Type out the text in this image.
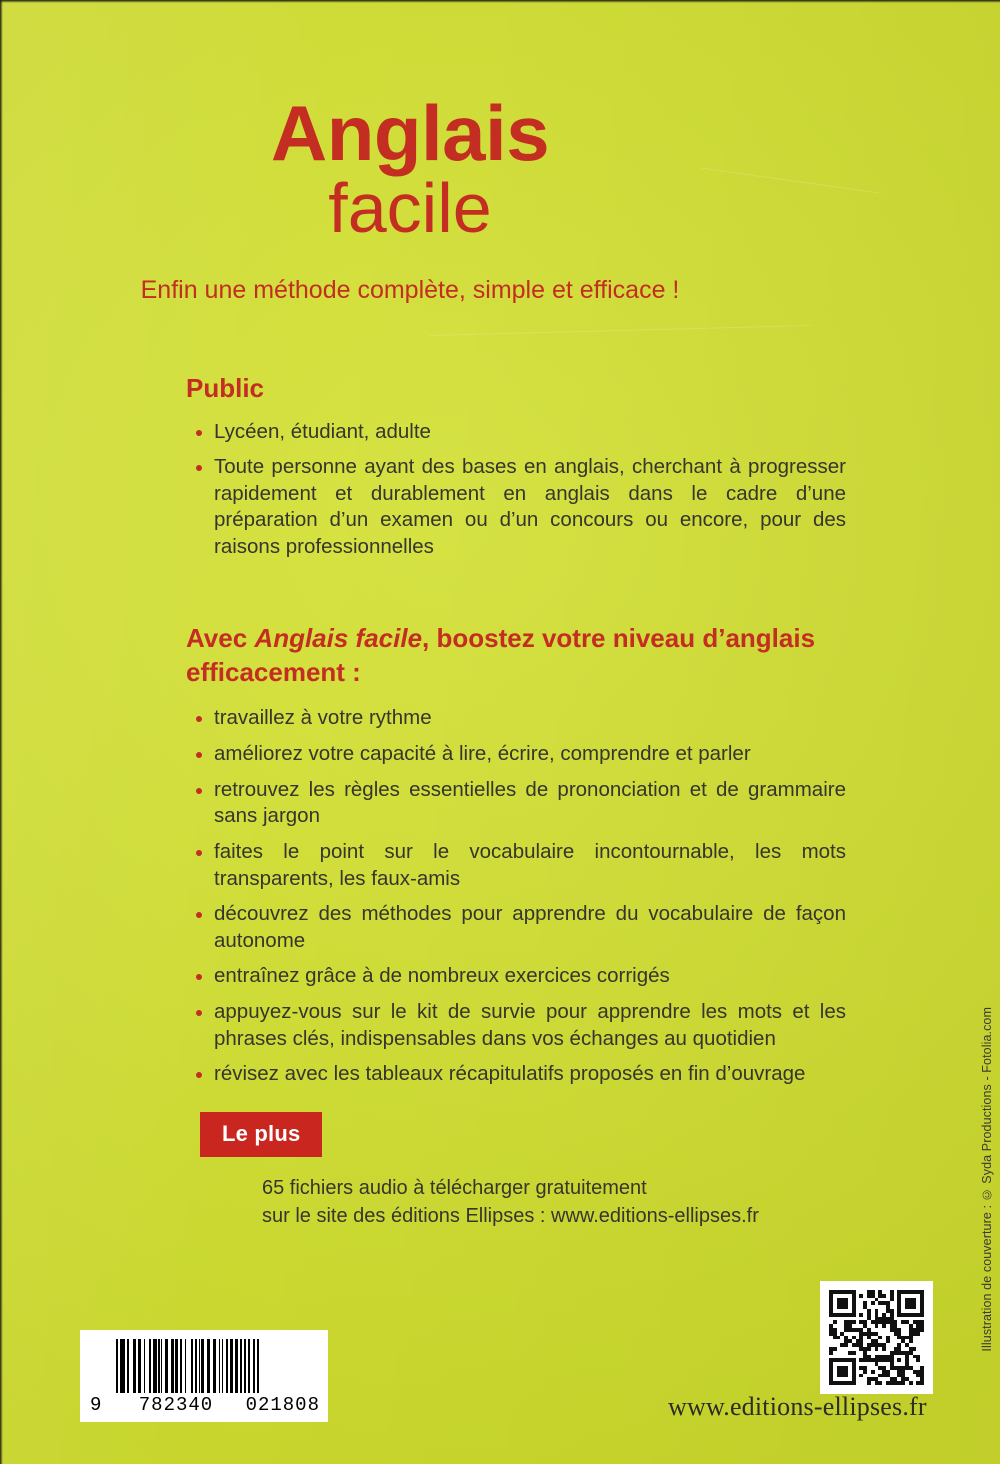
Anglais
facile
Enfin une méthode complète, simple et efficace !
Public
Lycéen, étudiant, adulte
Toute personne ayant des bases en anglais, cherchant à progresser rapidement et durablement en anglais dans le cadre d’une préparation d’un examen ou d’un concours ou encore, pour des raisons professionnelles
Avec Anglais facile, boostez votre niveau d’anglais efficacement :
travaillez à votre rythme
améliorez votre capacité à lire, écrire, comprendre et parler
retrouvez les règles essentielles de prononciation et de grammaire sans jargon
faites le point sur le vocabulaire incontournable, les mots transparents, les faux-amis
découvrez des méthodes pour apprendre du vocabulaire de façon autonome
entraînez grâce à de nombreux exercices corrigés
appuyez-vous sur le kit de survie pour apprendre les mots et les phrases clés, indispensables dans vos échanges au quotidien
révisez avec les tableaux récapitulatifs proposés en fin d’ouvrage
Le plus
65 fichiers audio à télécharger gratuitement
sur le site des éditions Ellipses : www.editions-ellipses.fr	Illustration de couverture : © Syda Productions - Fotolia.com
9 782340 021808	www.editions-ellipses.fr
